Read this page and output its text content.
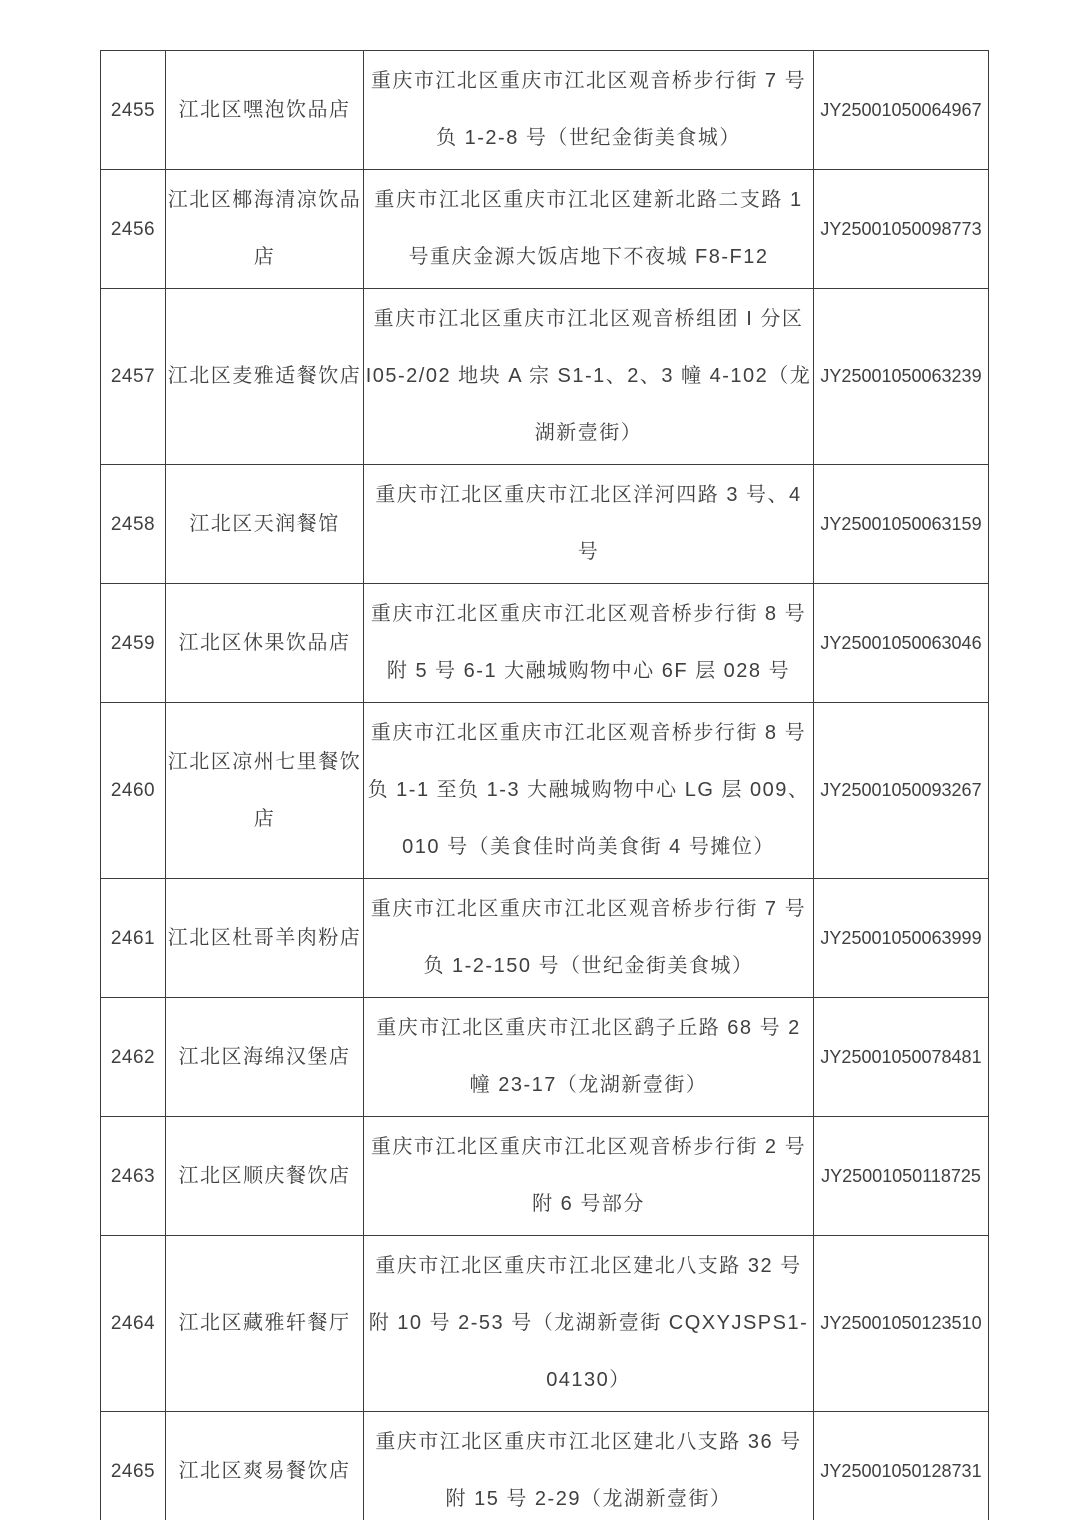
2455	江北区嘿泡饮品店	重庆市江北区重庆市江北区观音桥步行街 7 号负 1-2-8 号（世纪金街美食城）	JY25001050064967
2456	江北区椰海清凉饮品店	重庆市江北区重庆市江北区建新北路二支路 1 号重庆金源大饭店地下不夜城 F8-F12	JY25001050098773
2457	江北区麦雅适餐饮店	重庆市江北区重庆市江北区观音桥组团 I 分区 I05-2/02 地块 A 宗 S1-1、2、3 幢 4-102（龙湖新壹街）	JY25001050063239
2458	江北区天润餐馆	重庆市江北区重庆市江北区洋河四路 3 号、4 号	JY25001050063159
2459	江北区休果饮品店	重庆市江北区重庆市江北区观音桥步行街 8 号附 5 号 6-1 大融城购物中心 6F 层 028 号	JY25001050063046
2460	江北区凉州七里餐饮店	重庆市江北区重庆市江北区观音桥步行街 8 号负 1-1 至负 1-3 大融城购物中心 LG 层 009、010 号（美食佳时尚美食街 4 号摊位）	JY25001050093267
2461	江北区杜哥羊肉粉店	重庆市江北区重庆市江北区观音桥步行街 7 号负 1-2-150 号（世纪金街美食城）	JY25001050063999
2462	江北区海绵汉堡店	重庆市江北区重庆市江北区鹞子丘路 68 号 2 幢 23-17（龙湖新壹街）	JY25001050078481
2463	江北区顺庆餐饮店	重庆市江北区重庆市江北区观音桥步行街 2 号附 6 号部分	JY25001050118725
2464	江北区藏雅轩餐厅	重庆市江北区重庆市江北区建北八支路 32 号附 10 号 2-53 号（龙湖新壹街 CQXYJSPS1-04130）	JY25001050123510
2465	江北区爽易餐饮店	重庆市江北区重庆市江北区建北八支路 36 号附 15 号 2-29（龙湖新壹街）	JY25001050128731
